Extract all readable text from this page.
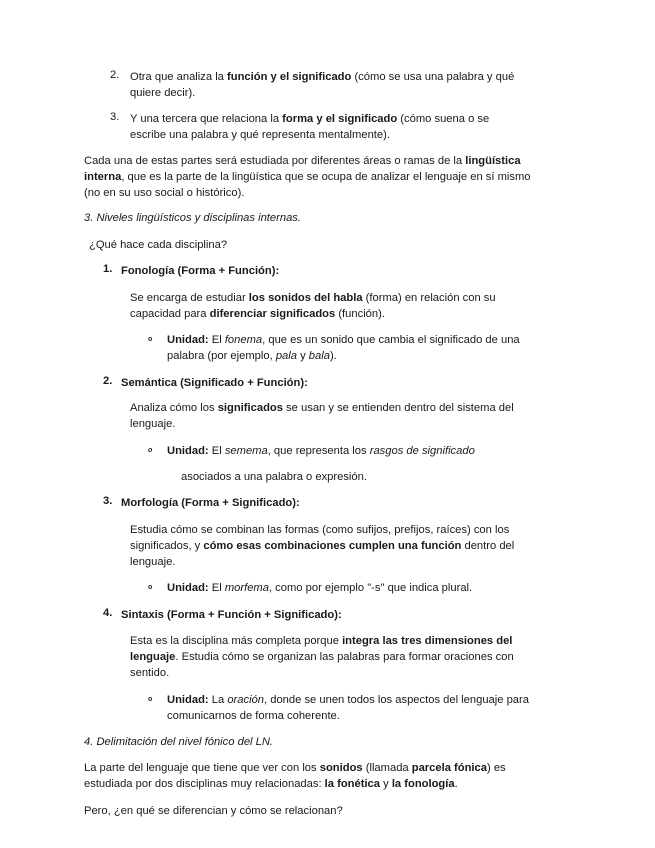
2. Otra que analiza la función y el significado (cómo se usa una palabra y qué
quiere decir).

3. Y una tercera que relaciona la forma y el significado (cómo suena o se
escribe una palabra y qué representa mentalmente).

Cada una de estas partes será estudiada por diferentes áreas o ramas de la lingüística
interna, que es la parte de la lingüística que se ocupa de analizar el lenguaje en sí mismo
(no en su uso social o histórico).

3. Niveles lingüísticos y disciplinas internas.

¿Qué hace cada disciplina?

1. Fonología (Forma + Función):

Se encarga de estudiar los sonidos del habla (forma) en relación con su
capacidad para diferenciar significados (función).

o Unidad: El fonema, que es un sonido que cambia el significado de una
palabra (por ejemplo, pala y bala).

2. Semántica (Significado + Función):

Analiza cómo los significados se usan y se entienden dentro del sistema del
lenguaje.

o Unidad: El semema, que representa los rasgos de significado

asociados a una palabra o expresión.

3. Morfología (Forma + Significado):

Estudia cómo se combinan las formas (como sufijos, prefijos, raíces) con los
significados, y cómo esas combinaciones cumplen una función dentro del
lenguaje.

o Unidad: El morfema, como por ejemplo "-s" que indica plural.

4. Sintaxis (Forma + Función + Significado):

Esta es la disciplina más completa porque integra las tres dimensiones del
lenguaje. Estudia cómo se organizan las palabras para formar oraciones con
sentido.

o Unidad: La oración, donde se unen todos los aspectos del lenguaje para
comunicarnos de forma coherente.

4. Delimitación del nivel fónico del LN.

La parte del lenguaje que tiene que ver con los sonidos (llamada parcela fónica) es
estudiada por dos disciplinas muy relacionadas: la fonética y la fonología.

Pero, ¿en qué se diferencian y cómo se relacionan?
